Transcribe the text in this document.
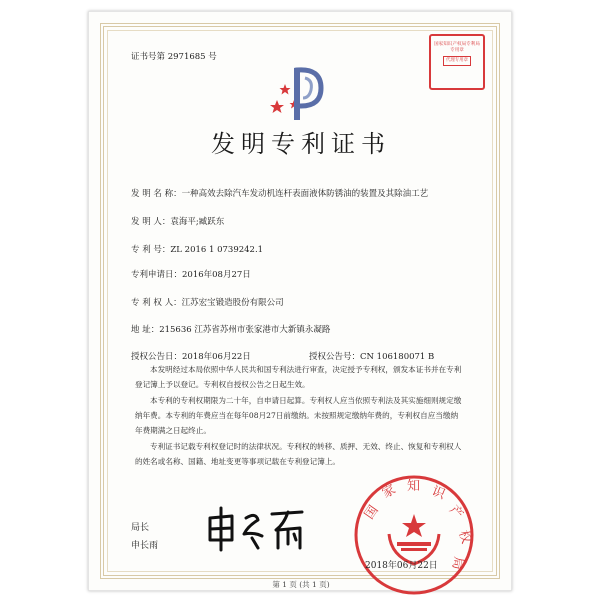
证书号第 2971685 号
国家知识产权局专利局
专用章
代理专用章
发明专利证书
发 明 名 称：一种高效去除汽车发动机连杆表面液体防锈油的装置及其除油工艺
发 明 人：袁海平;臧跃东
专 利 号：ZL 2016 1 0739242.1
专利申请日：2016年08月27日
专 利 权 人：江苏宏宝锻造股份有限公司
地 址：215636 江苏省苏州市张家港市大新镇永凝路
授权公告日：2018年06月22日	授权公告号：CN 106180071 B
本发明经过本局依照中华人民共和国专利法进行审查，决定授予专利权，颁发本证书并在专利登记簿上予以登记。专利权自授权公告之日起生效。
本专利的专利权期限为二十年，自申请日起算。专利权人应当依照专利法及其实施细则规定缴纳年费。本专利的年费应当在每年08月27日前缴纳。未按照规定缴纳年费的，专利权自应当缴纳年费期满之日起终止。
专利证书记载专利权登记时的法律状况。专利权的转移、质押、无效、终止、恢复和专利权人的姓名或名称、国籍、地址变更等事项记载在专利登记簿上。
局长
申长雨
国
家 知 识
产
权
局
2018年06月22日
第 1 页 (共 1 页)
